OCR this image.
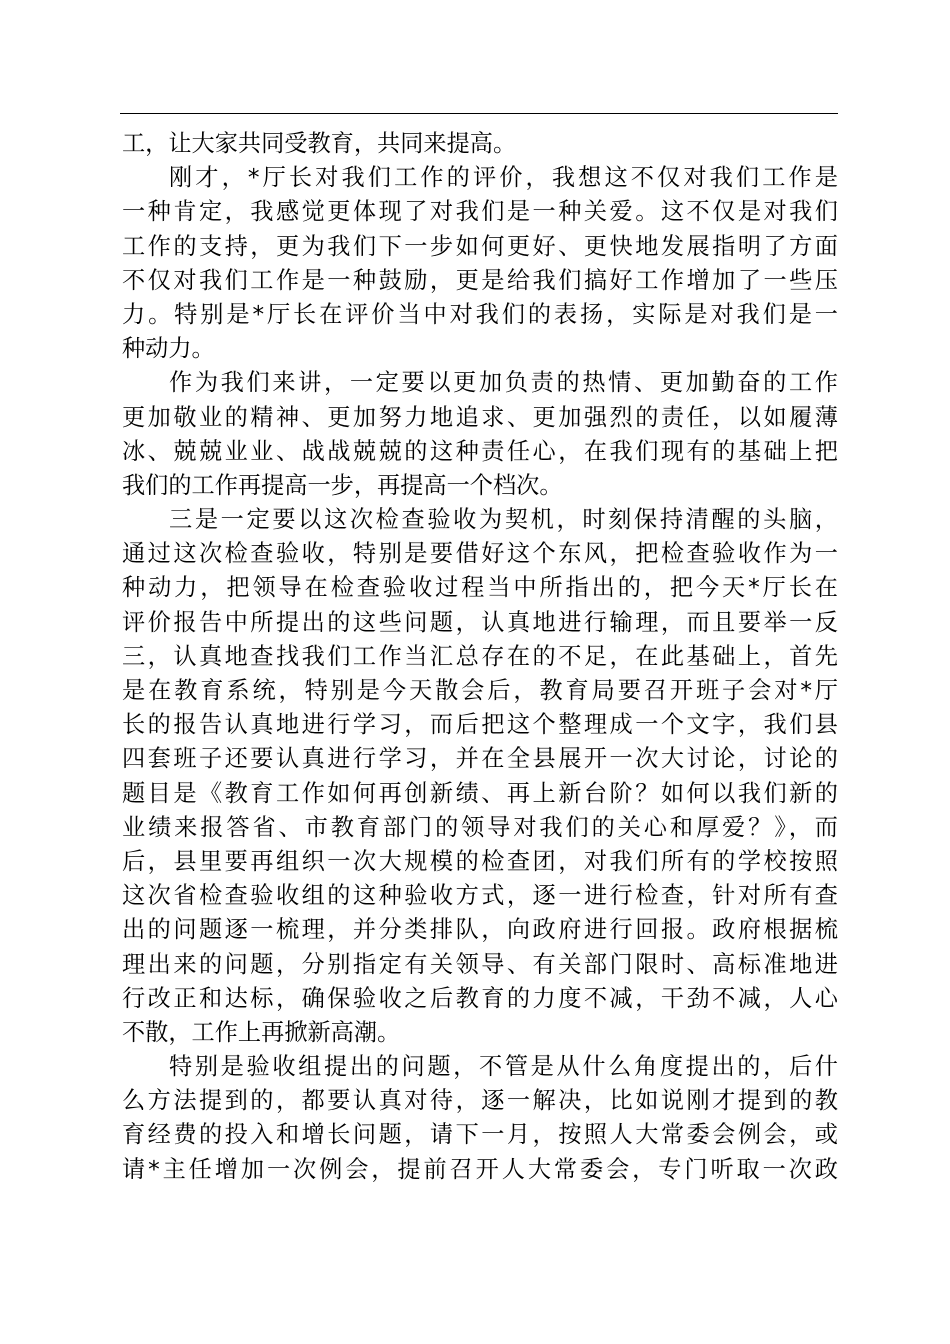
工，让大家共同受教育，共同来提高。
刚才，*厅长对我们工作的评价，我想这不仅对我们工作是
一种肯定，我感觉更体现了对我们是一种关爱。这不仅是对我们
工作的支持，更为我们下一步如何更好、更快地发展指明了方面
不仅对我们工作是一种鼓励，更是给我们搞好工作增加了一些压
力。特别是*厅长在评价当中对我们的表扬，实际是对我们是一
种动力。
作为我们来讲，一定要以更加负责的热情、更加勤奋的工作
更加敬业的精神、更加努力地追求、更加强烈的责任，以如履薄
冰、兢兢业业、战战兢兢的这种责任心，在我们现有的基础上把
我们的工作再提高一步，再提高一个档次。
三是一定要以这次检查验收为契机，时刻保持清醒的头脑，
通过这次检查验收，特别是要借好这个东风，把检查验收作为一
种动力，把领导在检查验收过程当中所指出的，把今天*厅长在
评价报告中所提出的这些问题，认真地进行输理，而且要举一反
三，认真地查找我们工作当汇总存在的不足，在此基础上，首先
是在教育系统，特别是今天散会后，教育局要召开班子会对*厅
长的报告认真地进行学习，而后把这个整理成一个文字，我们县
四套班子还要认真进行学习，并在全县展开一次大讨论，讨论的
题目是《教育工作如何再创新绩、再上新台阶？如何以我们新的
业绩来报答省、市教育部门的领导对我们的关心和厚爱？》，而
后，县里要再组织一次大规模的检查团，对我们所有的学校按照
这次省检查验收组的这种验收方式，逐一进行检查，针对所有查
出的问题逐一梳理，并分类排队，向政府进行回报。政府根据梳
理出来的问题，分别指定有关领导、有关部门限时、高标准地进
行改正和达标，确保验收之后教育的力度不减，干劲不减，人心
不散，工作上再掀新高潮。
特别是验收组提出的问题，不管是从什么角度提出的，后什
么方法提到的，都要认真对待，逐一解决，比如说刚才提到的教
育经费的投入和增长问题，请下一月，按照人大常委会例会，或
请*主任增加一次例会，提前召开人大常委会，专门听取一次政
